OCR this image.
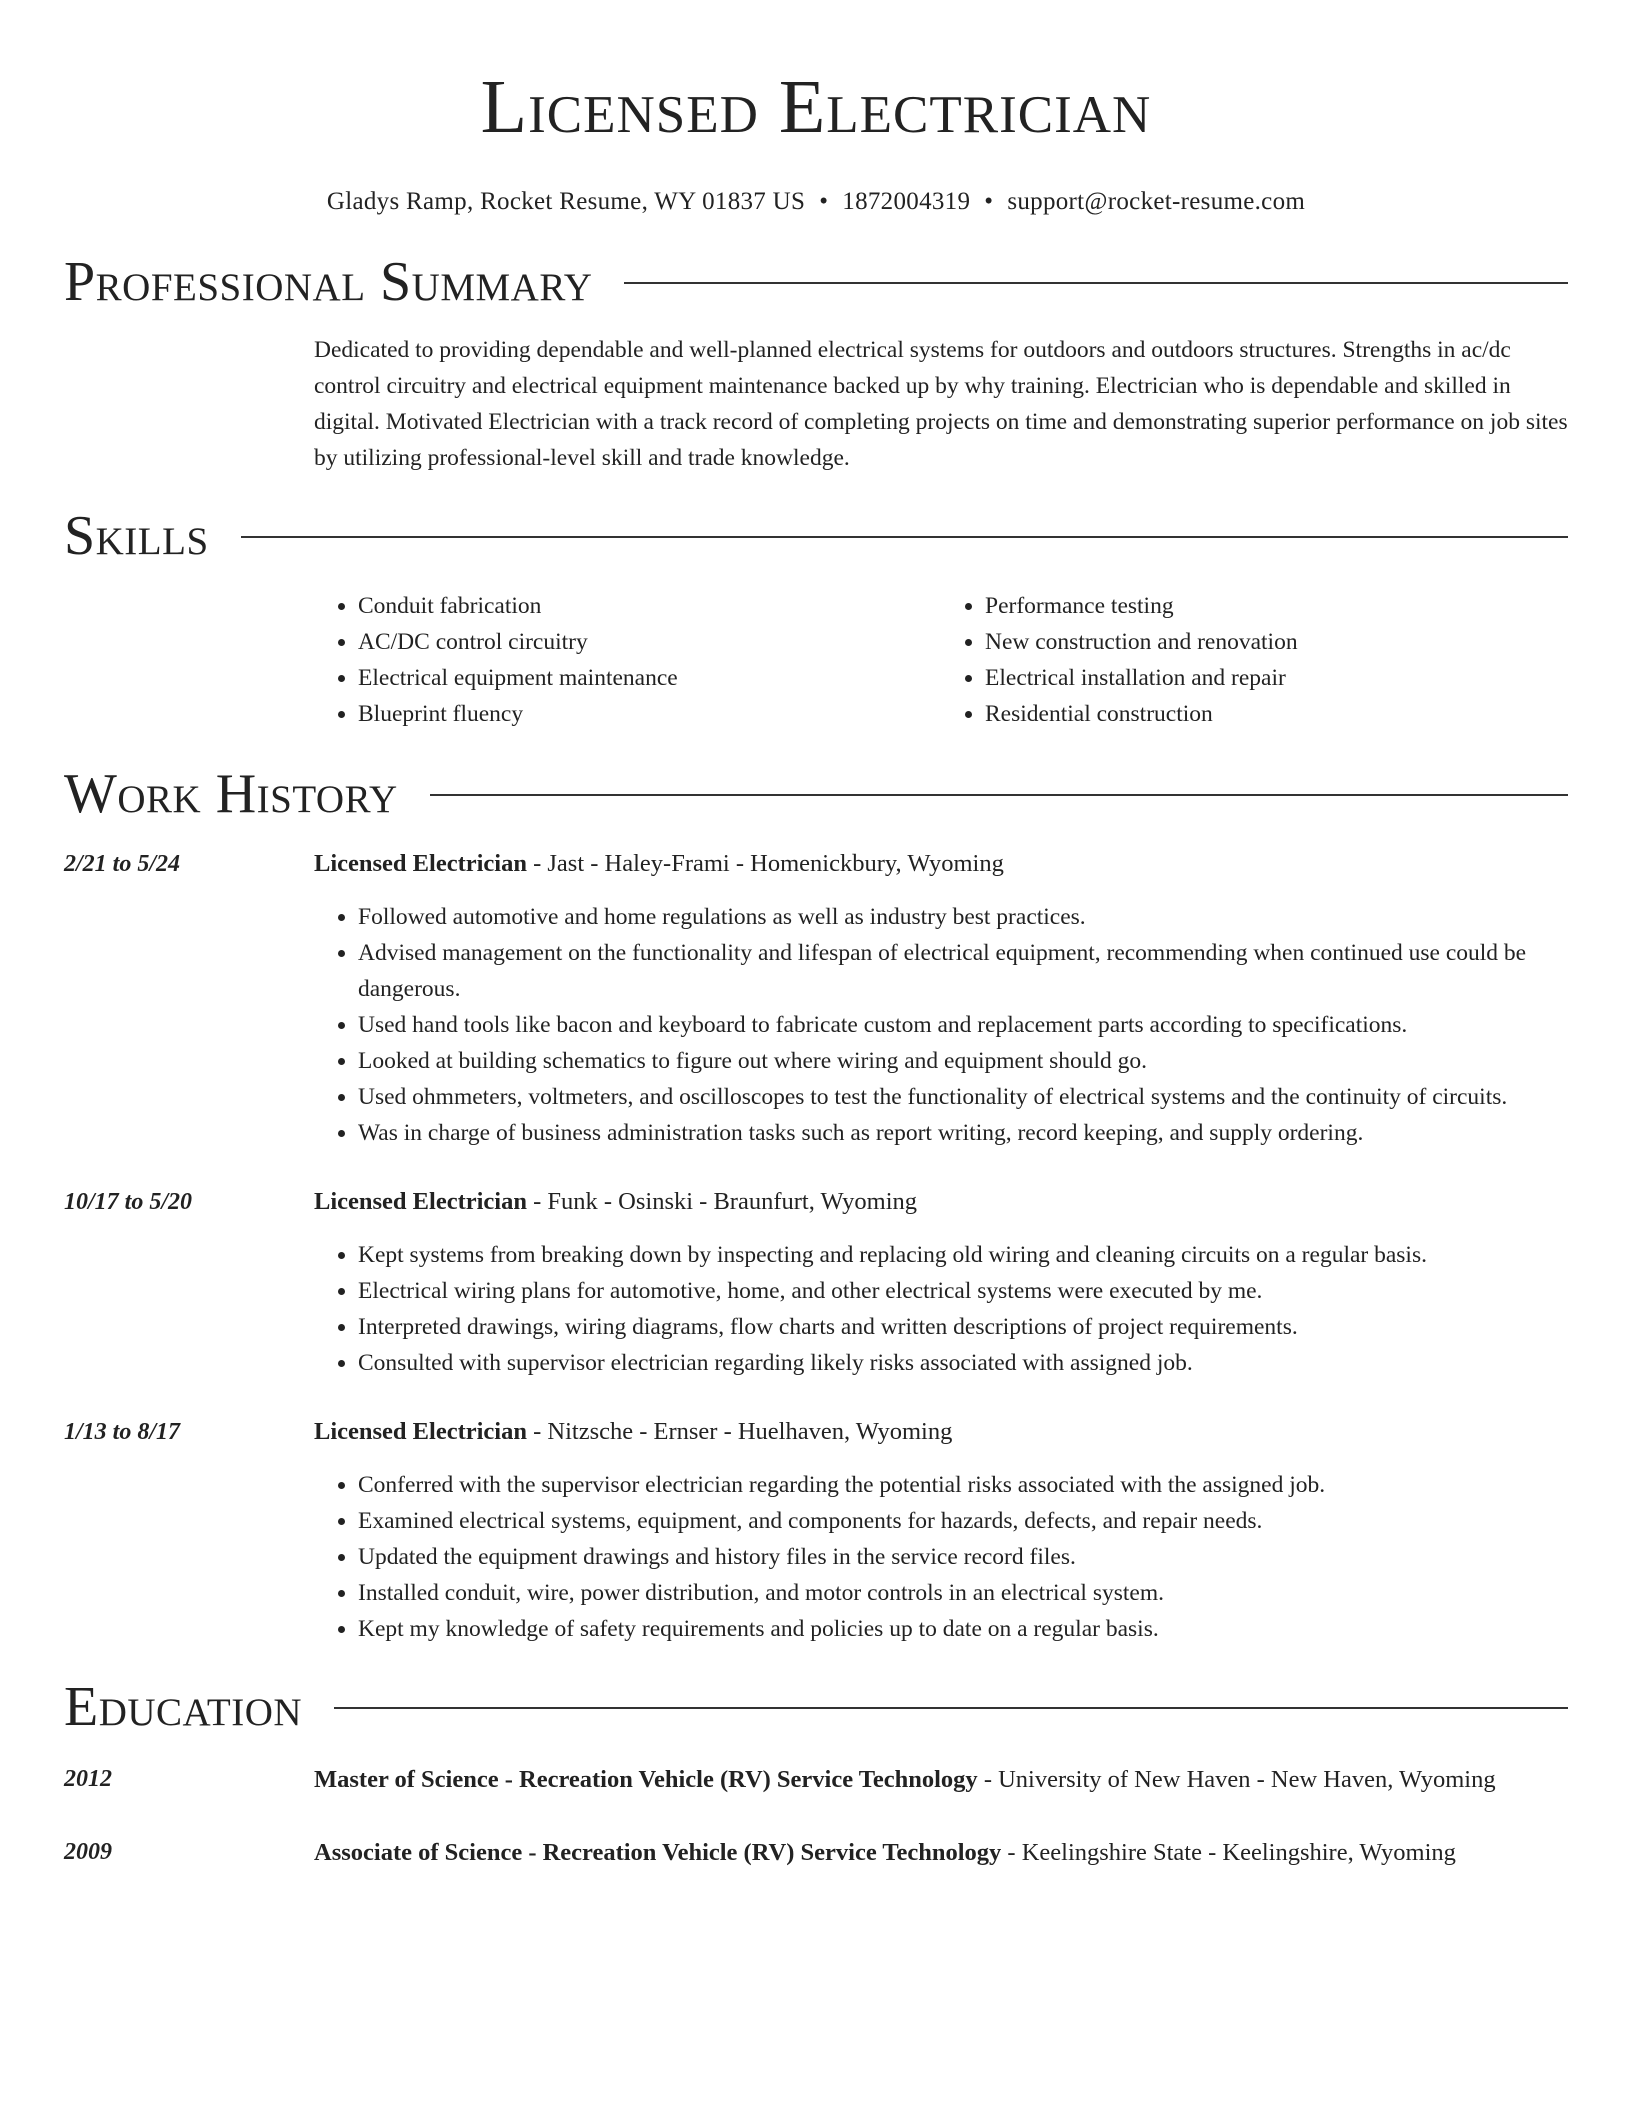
Licensed Electrician
Gladys Ramp, Rocket Resume, WY 01837 US • 1872004319 • support@rocket-resume.com
Professional Summary

Dedicated to providing dependable and well-planned electrical systems for outdoors and outdoors structures. Strengths in ac/dc control circuitry and electrical equipment maintenance backed up by why training. Electrician who is dependable and skilled in digital. Motivated Electrician with a track record of completing projects on time and demonstrating superior performance on job sites by utilizing professional-level skill and trade knowledge.

Skills
• Conduit fabrication
• AC/DC control circuitry
• Electrical equipment maintenance
• Blueprint fluency
• Performance testing
• New construction and renovation
• Electrical installation and repair
• Residential construction
Work History
2/21 to 5/24	Licensed Electrician - Jast - Haley-Frami - Homenickbury, Wyoming
• Followed automotive and home regulations as well as industry best practices.
• Advised management on the functionality and lifespan of electrical equipment, recommending when continued use could be dangerous.
• Used hand tools like bacon and keyboard to fabricate custom and replacement parts according to specifications.
• Looked at building schematics to figure out where wiring and equipment should go.
• Used ohmmeters, voltmeters, and oscilloscopes to test the functionality of electrical systems and the continuity of circuits.
• Was in charge of business administration tasks such as report writing, record keeping, and supply ordering.
10/17 to 5/20	Licensed Electrician - Funk - Osinski - Braunfurt, Wyoming
• Kept systems from breaking down by inspecting and replacing old wiring and cleaning circuits on a regular basis.
• Electrical wiring plans for automotive, home, and other electrical systems were executed by me.
• Interpreted drawings, wiring diagrams, flow charts and written descriptions of project requirements.
• Consulted with supervisor electrician regarding likely risks associated with assigned job.
1/13 to 8/17	Licensed Electrician - Nitzsche - Ernser - Huelhaven, Wyoming
• Conferred with the supervisor electrician regarding the potential risks associated with the assigned job.
• Examined electrical systems, equipment, and components for hazards, defects, and repair needs.
• Updated the equipment drawings and history files in the service record files.
• Installed conduit, wire, power distribution, and motor controls in an electrical system.
• Kept my knowledge of safety requirements and policies up to date on a regular basis.
Education
2012	Master of Science - Recreation Vehicle (RV) Service Technology - University of New Haven - New Haven, Wyoming
2009	Associate of Science - Recreation Vehicle (RV) Service Technology - Keelingshire State - Keelingshire, Wyoming
